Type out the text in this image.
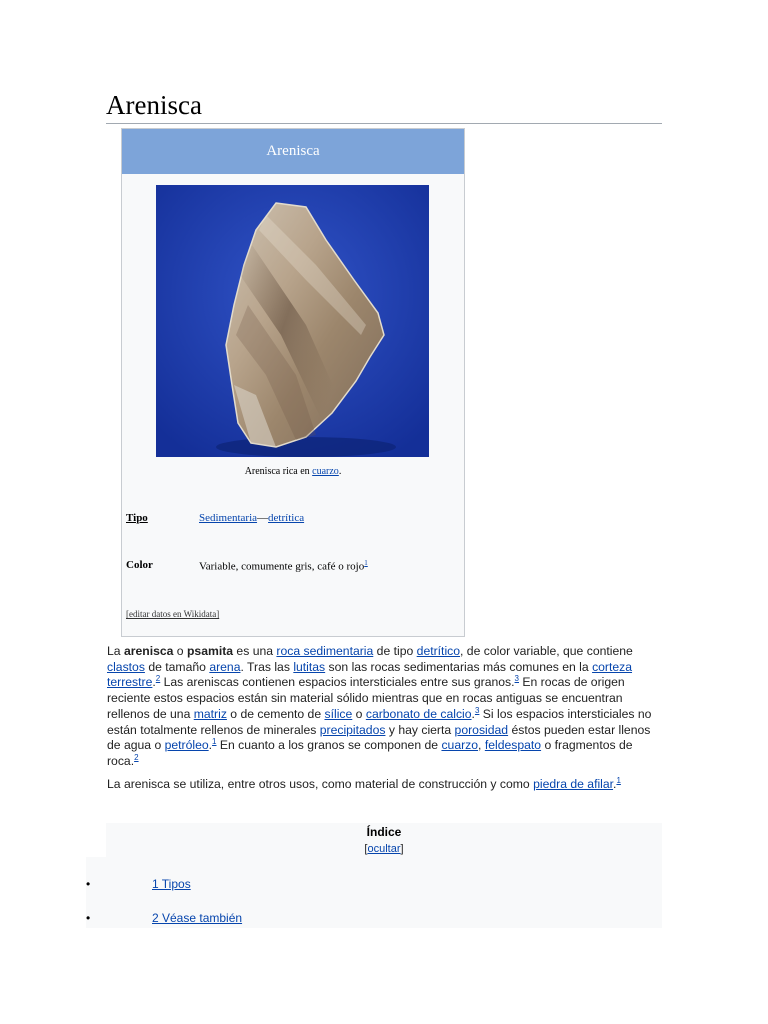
Arenisca
Arenisca
Arenisca rica en cuarzo.
Tipo	Sedimentaria—detrítica
Color	Variable, comumente gris, café o rojo$^1$
[editar datos en Wikidata]

La arenisca o psamita es una roca sedimentaria de tipo detrítico, de color variable, que contiene clastos de tamaño arena. Tras las lutitas son las rocas sedimentarias más comunes en la corteza terrestre.$^2$ Las areniscas contienen espacios intersticiales entre sus granos.$^3$ En rocas de origen reciente estos espacios están sin material sólido mientras que en rocas antiguas se encuentran rellenos de una matriz o de cemento de sílice o carbonato de calcio.$^3$ Si los espacios intersticiales no están totalmente rellenos de minerales precipitados y hay cierta porosidad éstos pueden estar llenos de agua o petróleo.$^1$ En cuanto a los granos se componen de cuarzo, feldespato o fragmentos de roca.$^2$

La arenisca se utiliza, entre otros usos, como material de construcción y como piedra de afilar.$^1$

Índice
[ocultar]
1 Tipos
2 Véase también
•
•
